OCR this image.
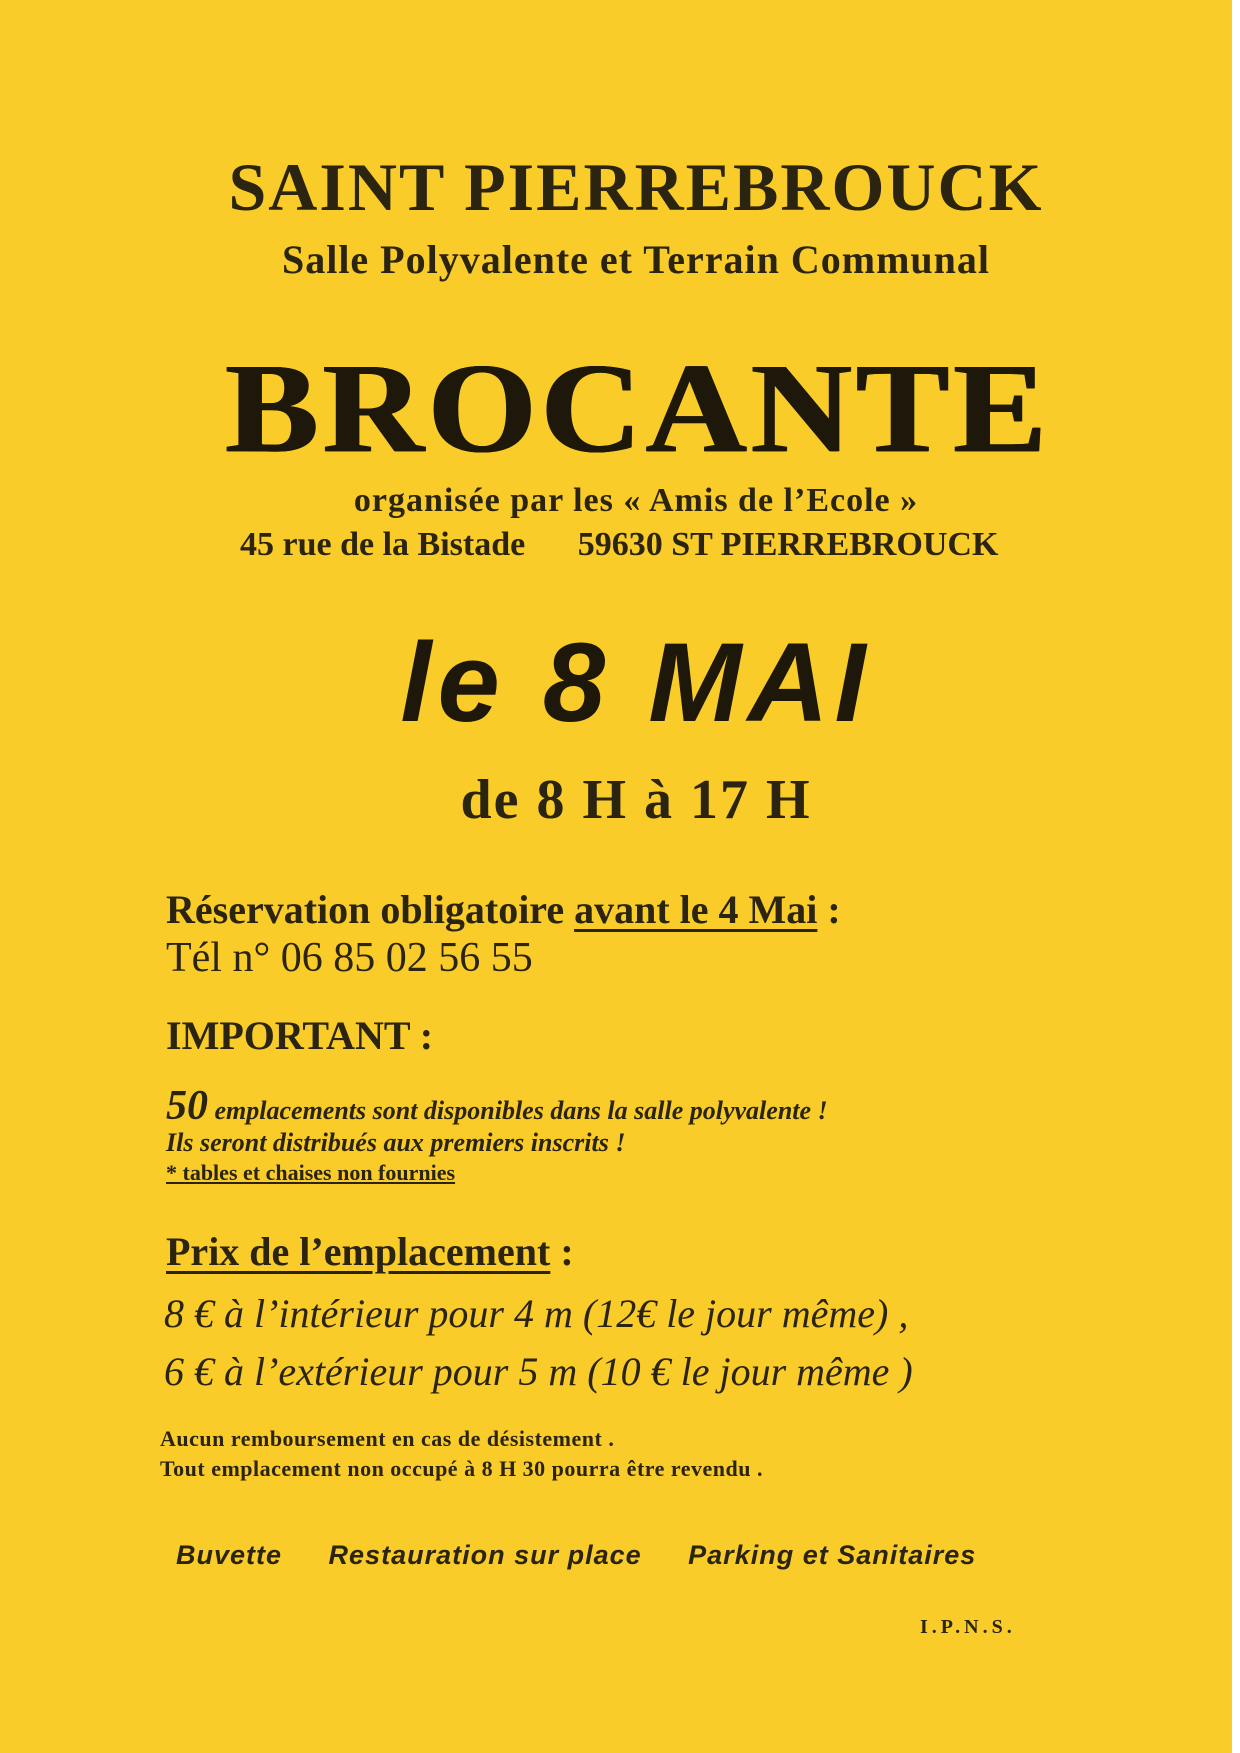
SAINT PIERREBROUCK
Salle Polyvalente et Terrain Communal
BROCANTE
organisée par les « Amis de l’Ecole »
45 rue de la Bistade 59630 ST PIERREBROUCK
le 8 MAI
de 8 H à 17 H
Réservation obligatoire avant le 4 Mai :
Tél n° 06 85 02 56 55
IMPORTANT :
50 emplacements sont disponibles dans la salle polyvalente !
Ils seront distribués aux premiers inscrits !
* tables et chaises non fournies
Prix de l’emplacement :
8 € à l’intérieur pour 4 m (12€ le jour même) ,
6 € à l’extérieur pour 5 m (10 € le jour même )
Aucun remboursement en cas de désistement .
Tout emplacement non occupé à 8 H 30 pourra être revendu .
Buvette Restauration sur place Parking et Sanitaires
I.P.N.S.
